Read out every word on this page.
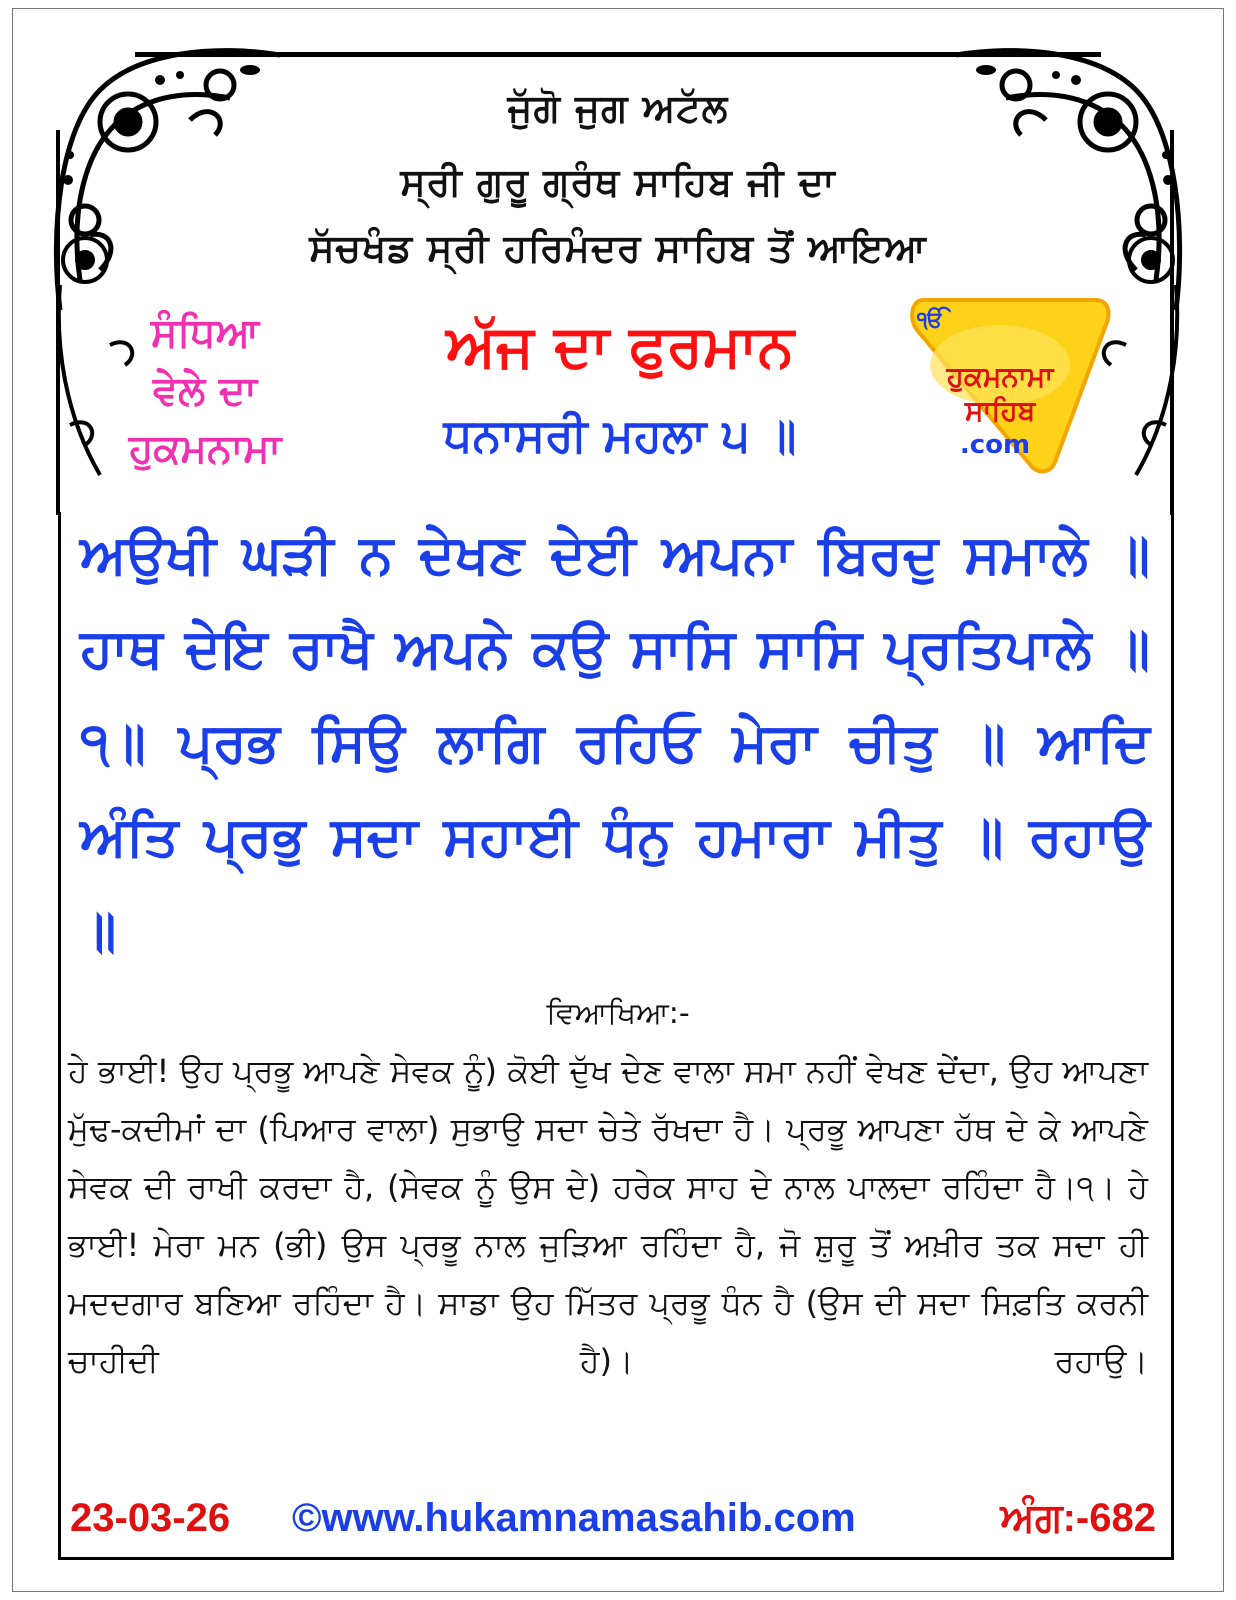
ਜੁੱਗੋ ਜੁਗ ਅਟੱਲ
ਸ੍ਰੀ ਗੁਰੂ ਗ੍ਰੰਥ ਸਾਹਿਬ ਜੀ ਦਾ
ਸੱਚਖੰਡ ਸ੍ਰੀ ਹਰਿਮੰਦਰ ਸਾਹਿਬ ਤੋਂ ਆਇਆ
ਸੰਧਿਆ
ਵੇਲੇ ਦਾ
ਹੁਕਮਨਾਮਾ
ਅੱਜ ਦਾ ਫੁਰਮਾਨ
ਧਨਾਸਰੀ ਮਹਲਾ ੫ ॥
ੴ
ਹੁਕਮਨਾਮਾ
ਸਾਹਿਬ
.com
ਅਉਖੀ ਘੜੀ ਨ ਦੇਖਣ ਦੇਈ ਅਪਨਾ ਬਿਰਦੁ ਸਮਾਲੇ ॥ ਹਾਥ ਦੇਇ ਰਾਖੈ ਅਪਨੇ ਕਉ ਸਾਸਿ ਸਾਸਿ ਪ੍ਰਤਿਪਾਲੇ ॥੧॥ ਪ੍ਰਭ ਸਿਉ ਲਾਗਿ ਰਹਿਓ ਮੇਰਾ ਚੀਤੁ ॥ ਆਦਿ ਅੰਤਿ ਪ੍ਰਭੁ ਸਦਾ ਸਹਾਈ ਧੰਨੁ ਹਮਾਰਾ ਮੀਤੁ ॥ ਰਹਾਉ ॥
ਵਿਆਖਿਆ:-
ਹੇ ਭਾਈ! ਉਹ ਪ੍ਰਭੂ ਆਪਣੇ ਸੇਵਕ ਨੂੰ) ਕੋਈ ਦੁੱਖ ਦੇਣ ਵਾਲਾ ਸਮਾ ਨਹੀਂ ਵੇਖਣ ਦੇਂਦਾ, ਉਹ ਆਪਣਾ ਮੁੱਢ-ਕਦੀਮਾਂ ਦਾ (ਪਿਆਰ ਵਾਲਾ) ਸੁਭਾਉ ਸਦਾ ਚੇਤੇ ਰੱਖਦਾ ਹੈ। ਪ੍ਰਭੂ ਆਪਣਾ ਹੱਥ ਦੇ ਕੇ ਆਪਣੇ ਸੇਵਕ ਦੀ ਰਾਖੀ ਕਰਦਾ ਹੈ, (ਸੇਵਕ ਨੂੰ ਉਸ ਦੇ) ਹਰੇਕ ਸਾਹ ਦੇ ਨਾਲ ਪਾਲਦਾ ਰਹਿੰਦਾ ਹੈ।੧। ਹੇ ਭਾਈ! ਮੇਰਾ ਮਨ (ਭੀ) ਉਸ ਪ੍ਰਭੂ ਨਾਲ ਜੁੜਿਆ ਰਹਿੰਦਾ ਹੈ, ਜੋ ਸ਼ੁਰੂ ਤੋਂ ਅਖ਼ੀਰ ਤਕ ਸਦਾ ਹੀ ਮਦਦਗਾਰ ਬਣਿਆ ਰਹਿੰਦਾ ਹੈ। ਸਾਡਾ ਉਹ ਮਿੱਤਰ ਪ੍ਰਭੂ ਧੰਨ ਹੈ (ਉਸ ਦੀ ਸਦਾ ਸਿਫ਼ਤਿ ਕਰਨੀ ਚਾਹੀਦੀ ਹੈ)। ਰਹਾਉ।
23-03-26 ©www.hukamnamasahib.com	ਅੰਗ:-682
